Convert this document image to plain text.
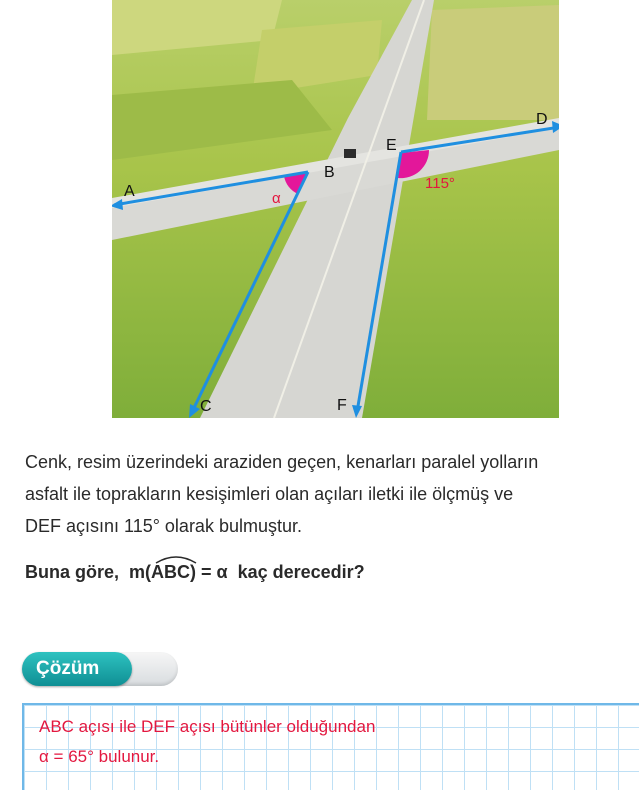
A
B
C
D
E
F
α
115°
Cenk, resim üzerindeki araziden geçen, kenarları paralel yolların
asfalt ile toprakların kesişimleri olan açıları iletki ile ölçmüş ve
DEF açısını 115° olarak bulmuştur.
Buna göre, m(
ABC) = α kaç derecedir?
Çözüm
ABC açısı ile DEF açısı bütünler olduğundan
α = 65° bulunur.
